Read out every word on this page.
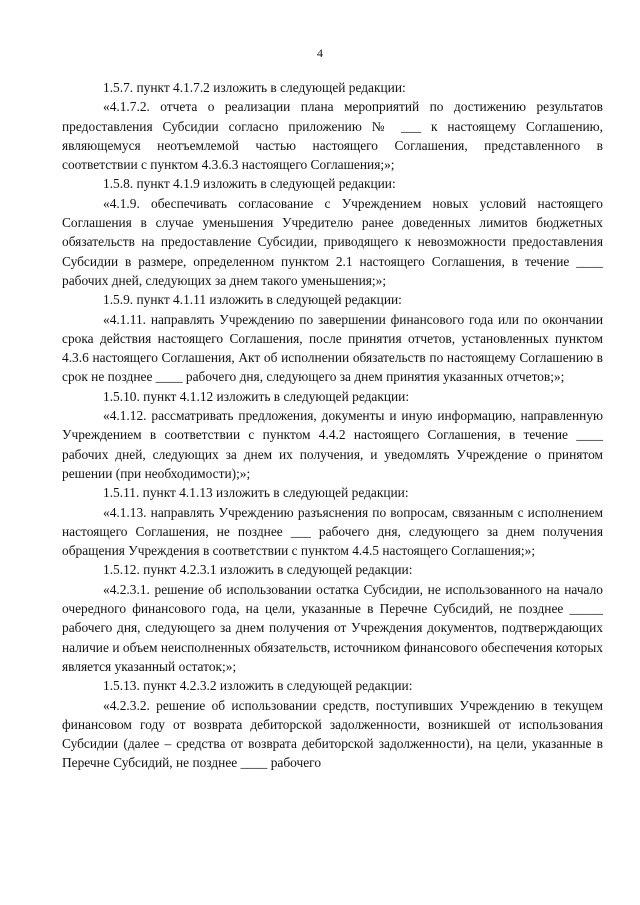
4

1.5.7. пункт 4.1.7.2 изложить в следующей редакции:

«4.1.7.2. отчета о реализации плана мероприятий по достижению результатов предоставления Субсидии согласно приложению № ___ к настоящему Соглашению, являющемуся неотъемлемой частью настоящего Соглашения, представленного в соответствии с пунктом 4.3.6.3 настоящего Соглашения;»;

1.5.8. пункт 4.1.9 изложить в следующей редакции:

«4.1.9. обеспечивать согласование с Учреждением новых условий настоящего Соглашения в случае уменьшения Учредителю ранее доведенных лимитов бюджетных обязательств на предоставление Субсидии, приводящего к невозможности предоставления Субсидии в размере, определенном пунктом 2.1 настоящего Соглашения, в течение ____ рабочих дней, следующих за днем такого уменьшения;»;

1.5.9. пункт 4.1.11 изложить в следующей редакции:

«4.1.11. направлять Учреждению по завершении финансового года или по окончании срока действия настоящего Соглашения, после принятия отчетов, установленных пунктом 4.3.6 настоящего Соглашения, Акт об исполнении обязательств по настоящему Соглашению в срок не позднее ____ рабочего дня, следующего за днем принятия указанных отчетов;»;

1.5.10. пункт 4.1.12 изложить в следующей редакции:

«4.1.12. рассматривать предложения, документы и иную информацию, направленную Учреждением в соответствии с пунктом 4.4.2 настоящего Соглашения, в течение ____ рабочих дней, следующих за днем их получения, и уведомлять Учреждение о принятом решении (при необходимости);»;

1.5.11. пункт 4.1.13 изложить в следующей редакции:

«4.1.13. направлять Учреждению разъяснения по вопросам, связанным с исполнением настоящего Соглашения, не позднее ___ рабочего дня, следующего за днем получения обращения Учреждения в соответствии с пунктом 4.4.5 настоящего Соглашения;»;

1.5.12. пункт 4.2.3.1 изложить в следующей редакции:

«4.2.3.1. решение об использовании остатка Субсидии, не использованного на начало очередного финансового года, на цели, указанные в Перечне Субсидий, не позднее _____ рабочего дня, следующего за днем получения от Учреждения документов, подтверждающих наличие и объем неисполненных обязательств, источником финансового обеспечения которых является указанный остаток;»;

1.5.13. пункт 4.2.3.2 изложить в следующей редакции:

«4.2.3.2. решение об использовании средств, поступивших Учреждению в текущем финансовом году от возврата дебиторской задолженности, возникшей от использования Субсидии (далее – средства от возврата дебиторской задолженности), на цели, указанные в Перечне Субсидий, не позднее ____ рабочего
